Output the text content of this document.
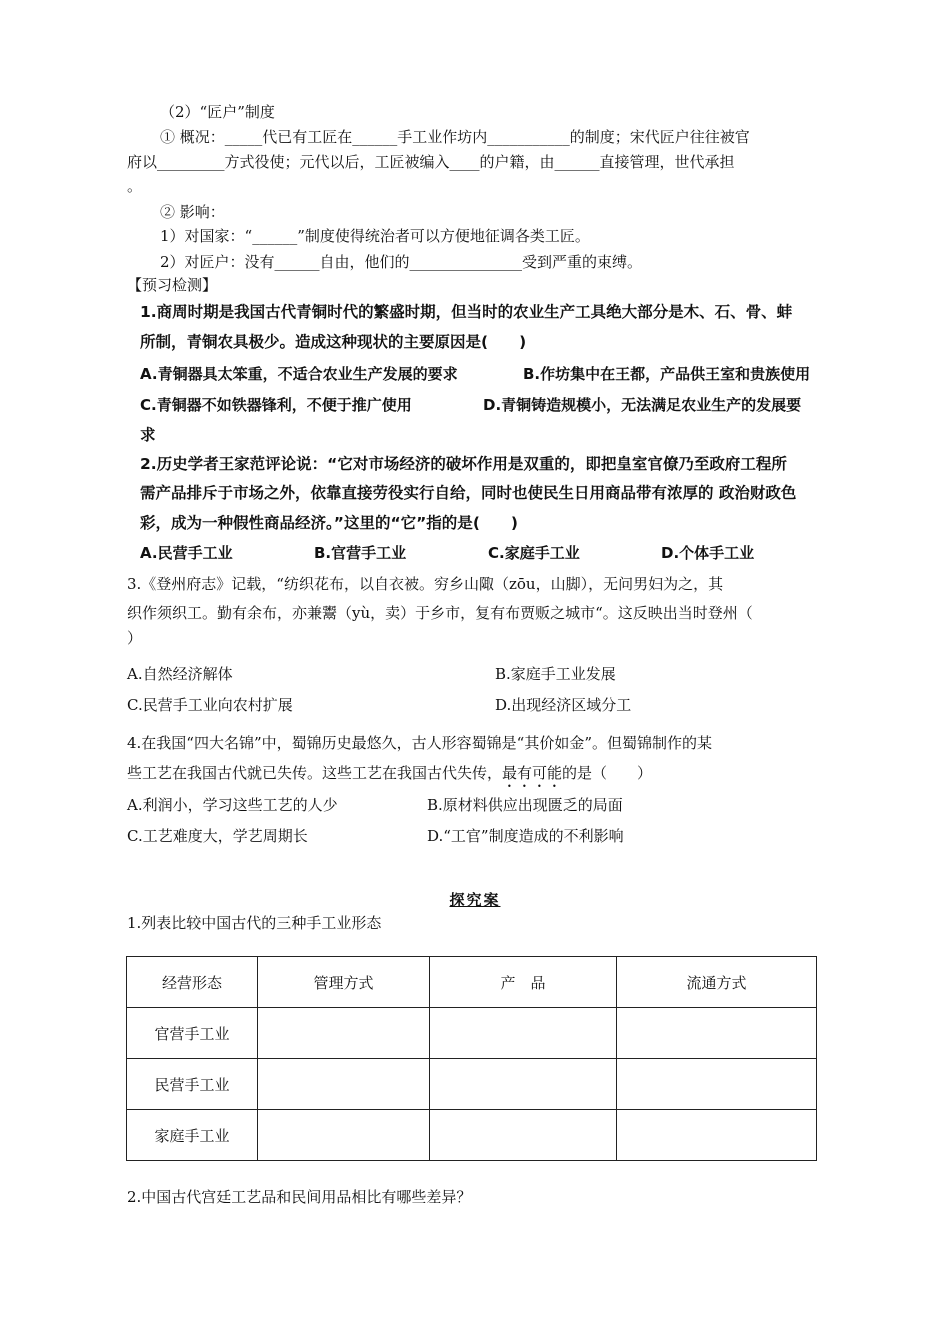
（2）“匠户”制度
① 概况：_____代已有工匠在______手工业作坊内___________的制度；宋代匠户往往被官
府以_________方式役使；元代以后，工匠被编入____的户籍，由______直接管理，世代承担
。
② 影响：
1）对国家：“______”制度使得统治者可以方便地征调各类工匠。
2）对匠户：没有______自由，他们的_______________受到严重的束缚。
【预习检测】
1.商周时期是我国古代青铜时代的繁盛时期，但当时的农业生产工具绝大部分是木、石、骨、蚌
所制，青铜农具极少。造成这种现状的主要原因是(　　)
A.青铜器具太笨重，不适合农业生产发展的要求	B.作坊集中在王都，产品供王室和贵族使用
C.青铜器不如铁器锋利，不便于推广使用	D.青铜铸造规模小，无法满足农业生产的发展要
求
2.历史学者王家范评论说：“它对市场经济的破坏作用是双重的，即把皇室官僚乃至政府工程所
需产品排斥于市场之外，依靠直接劳役实行自给，同时也使民生日用商品带有浓厚的 政治财政色
彩，成为一种假性商品经济。”这里的“它”指的是(　　)
A.民营手工业	B.官营手工业	C.家庭手工业	D.个体手工业
3.《登州府志》记载，“纺织花布，以自衣被。穷乡山陬（zōu，山脚），无问男妇为之，其
织作须织工。勤有余布，亦兼鬻（yù，卖）于乡市，复有布贾贩之城市“。这反映出当时登州（
）
A.自然经济解体	B.家庭手工业发展
C.民营手工业向农村扩展	D.出现经济区域分工
4.在我国“四大名锦”中，蜀锦历史最悠久，古人形容蜀锦是“其价如金”。但蜀锦制作的某
些工艺在我国古代就已失传。这些工艺在我国古代失传，最有可能的是（　　）
A.利润小，学习这些工艺的人少	B.原材料供应出现匮乏的局面
C.工艺难度大，学艺周期长	D.“工官”制度造成的不利影响
探究案
1.列表比较中国古代的三种手工业形态
经营形态	管理方式	产　品	流通方式
官营手工业			
民营手工业			
家庭手工业			
2.中国古代宫廷工艺品和民间用品相比有哪些差异？
